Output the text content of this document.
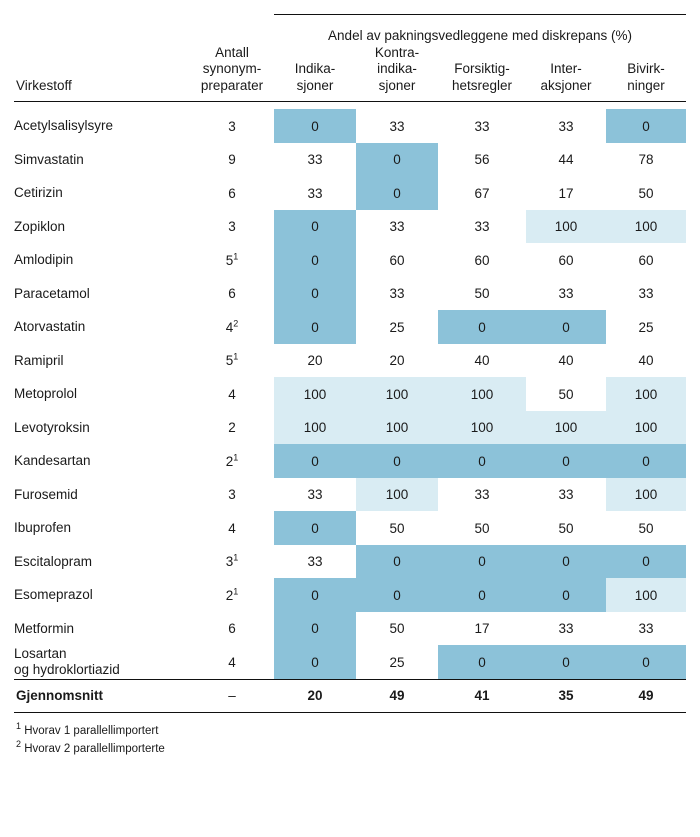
		Andel av pakningsvedleggene med diskrepans (%)				
Virkestoff	Antall
synonym-
preparater	Indika-
sjoner	Kontra-
indika-
sjoner	Forsiktig-
hetsregler	Inter-
aksjoner	Bivirk-
ninger

Acetylsalisylsyre	3	0	33	33	33	0
Simvastatin	9	33	0	56	44	78
Cetirizin	6	33	0	67	17	50
Zopiklon	3	0	33	33	100	100
Amlodipin	$5^1$	0	60	60	60	60
Paracetamol	6	0	33	50	33	33
Atorvastatin	$4^2$	0	25	0	0	25
Ramipril	$5^1$	20	20	40	40	40
Metoprolol	4	100	100	100	50	100
Levotyroksin	2	100	100	100	100	100
Kandesartan	$2^1$	0	0	0	0	0
Furosemid	3	33	100	33	33	100
Ibuprofen	4	0	50	50	50	50
Escitalopram	$3^1$	33	0	0	0	0
Esomeprazol	$2^1$	0	0	0	0	100
Metformin	6	0	50	17	33	33
Losartan
og hydroklortiazid	4	0	25	0	0	0
Gjennomsnitt	–	20	49	41	35	49
$^1$ Hvorav 1 parallellimportert
$^2$ Hvorav 2 parallellimporterte
